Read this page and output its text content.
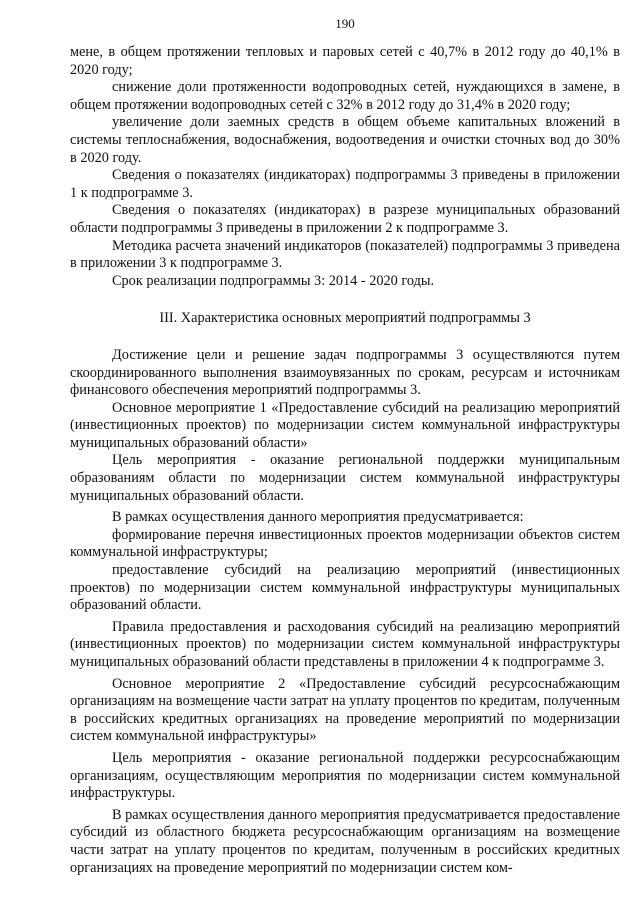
190

мене, в общем протяжении тепловых и паровых сетей с 40,7% в 2012 году до 40,1% в 2020 году;

снижение доли протяженности водопроводных сетей, нуждающихся в замене, в общем протяжении водопроводных сетей с 32% в 2012 году до 31,4% в 2020 году;

увеличение доли заемных средств в общем объеме капитальных вложений в системы теплоснабжения, водоснабжения, водоотведения и очистки сточных вод до 30% в 2020 году.

Сведения о показателях (индикаторах) подпрограммы 3 приведены в приложении 1 к подпрограмме 3.

Сведения о показателях (индикаторах) в разрезе муниципальных образований области подпрограммы 3 приведены в приложении 2 к подпрограмме 3.

Методика расчета значений индикаторов (показателей) подпрограммы 3 приведена в приложении 3 к подпрограмме 3.

Срок реализации подпрограммы 3: 2014 - 2020 годы.

III. Характеристика основных мероприятий подпрограммы 3

Достижение цели и решение задач подпрограммы 3 осуществляются путем скоординированного выполнения взаимоувязанных по срокам, ресурсам и источникам финансового обеспечения мероприятий подпрограммы 3.

Основное мероприятие 1 «Предоставление субсидий на реализацию мероприятий (инвестиционных проектов) по модернизации систем коммунальной инфраструктуры муниципальных образований области»

Цель мероприятия - оказание региональной поддержки муниципальным образованиям области по модернизации систем коммунальной инфраструктуры муниципальных образований области.

В рамках осуществления данного мероприятия предусматривается:

формирование перечня инвестиционных проектов модернизации объектов систем коммунальной инфраструктуры;

предоставление субсидий на реализацию мероприятий (инвестиционных проектов) по модернизации систем коммунальной инфраструктуры муниципальных образований области.

Правила предоставления и расходования субсидий на реализацию мероприятий (инвестиционных проектов) по модернизации систем коммунальной инфраструктуры муниципальных образований области представлены в приложении 4 к подпрограмме 3.

Основное мероприятие 2 «Предоставление субсидий ресурсоснабжающим организациям на возмещение части затрат на уплату процентов по кредитам, полученным в российских кредитных организациях на проведение мероприятий по модернизации систем коммунальной инфраструктуры»

Цель мероприятия - оказание региональной поддержки ресурсоснабжающим организациям, осуществляющим мероприятия по модернизации систем коммунальной инфраструктуры.

В рамках осуществления данного мероприятия предусматривается предоставление субсидий из областного бюджета ресурсоснабжающим организациям на возмещение части затрат на уплату процентов по кредитам, полученным в российских кредитных организациях на проведение мероприятий по модернизации систем ком-
